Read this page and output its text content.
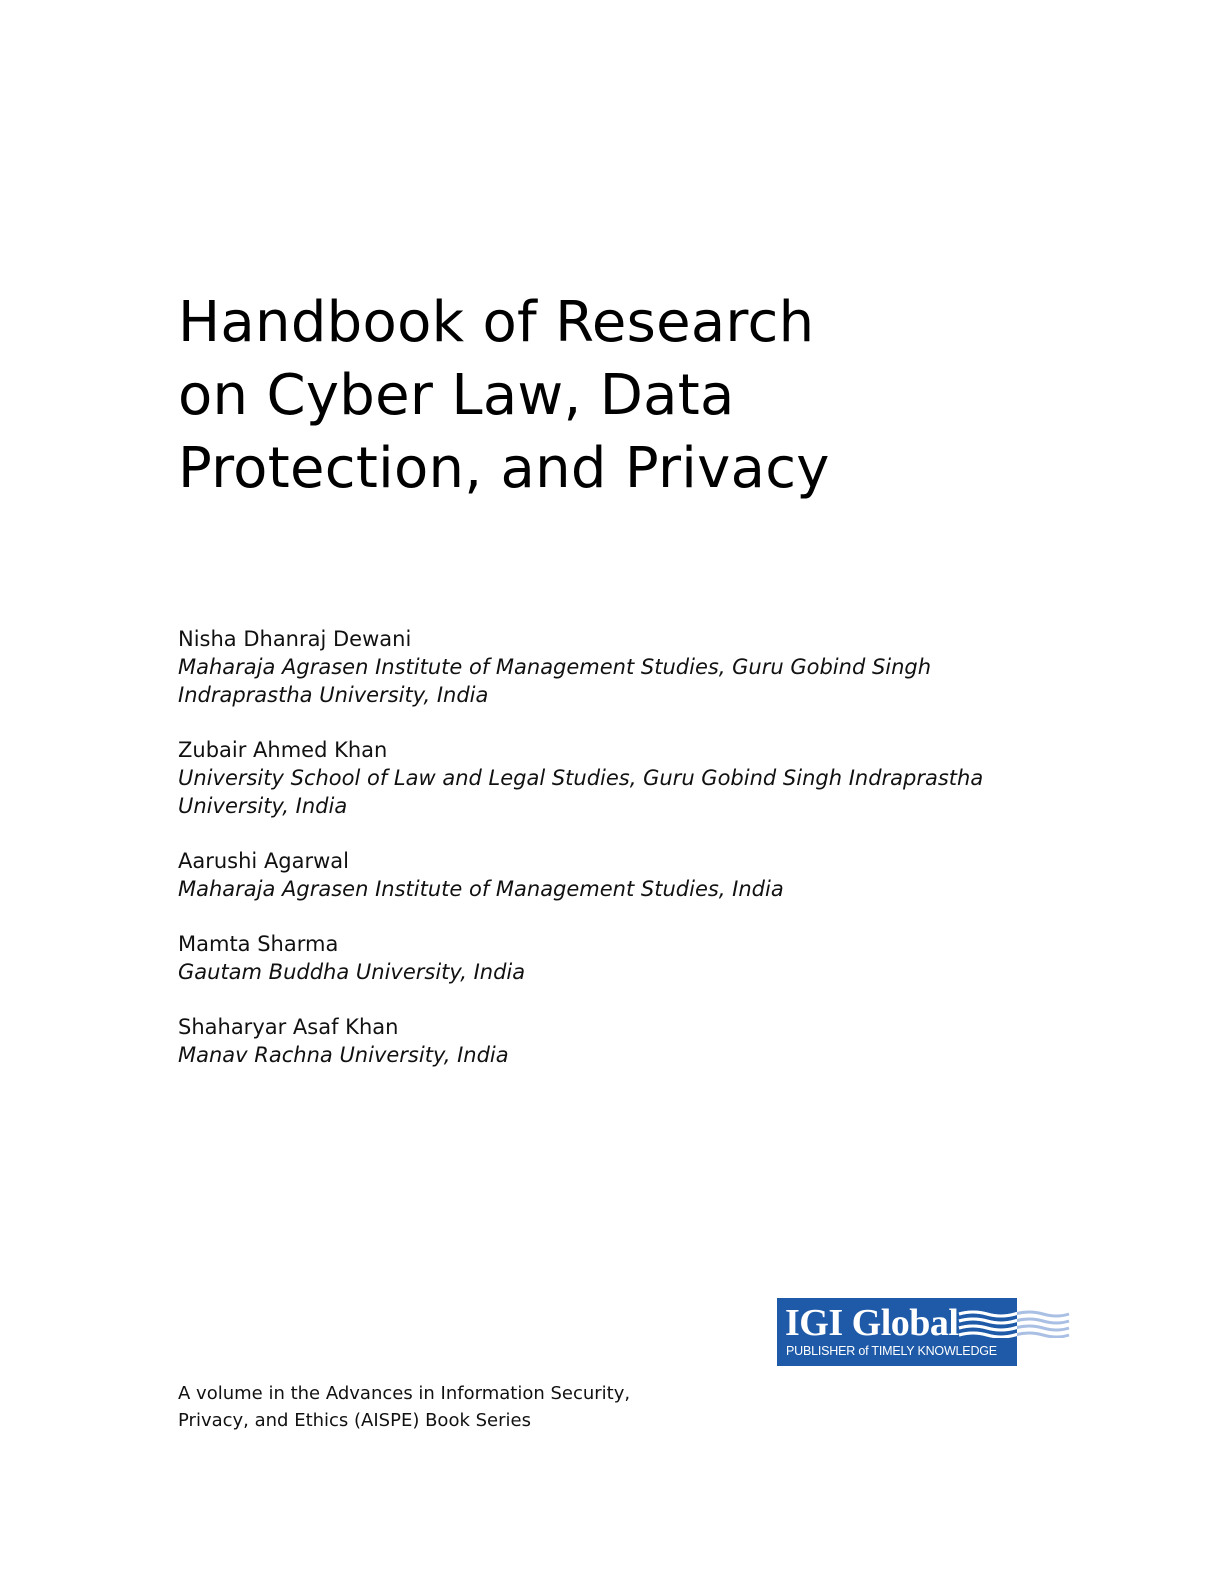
Handbook of Research
on Cyber Law, Data
Protection, and Privacy
Nisha Dhanraj Dewani
Maharaja Agrasen Institute of Management Studies, Guru Gobind Singh
Indraprastha University, India
Zubair Ahmed Khan
University School of Law and Legal Studies, Guru Gobind Singh Indraprastha
University, India
Aarushi Agarwal
Maharaja Agrasen Institute of Management Studies, India
Mamta Sharma
Gautam Buddha University, India
Shaharyar Asaf Khan
Manav Rachna University, India
IGI Global
PUBLISHER of TIMELY KNOWLEDGE
A volume in the Advances in Information Security,
Privacy, and Ethics (AISPE) Book Series
